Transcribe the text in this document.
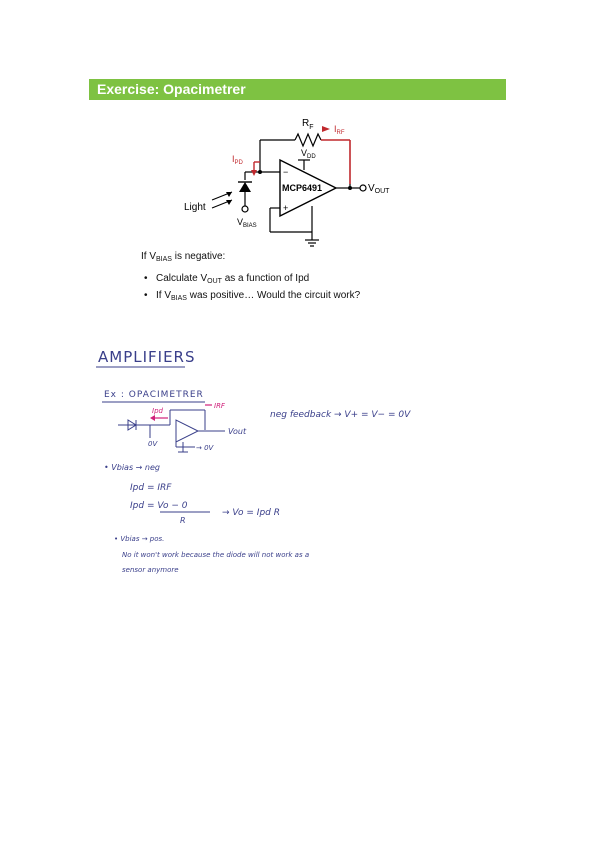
Exercise: Opacimetrer
$R_F$ $I_{RF}$
MCP6491
−
+
$V_{DD}$
$V_{OUT}$
$V_{BIAS}$
$I_{PD}$
Light
If $V_{BIAS}$ is negative:
• Calculate $V_{OUT}$ as a function of Ipd
• If $V_{BIAS}$ was positive… Would the circuit work?
AMPLIFIERS
Ex : OPACIMETRER
neg feedback → V+ = V− = 0V
Ipd
IRF
0V	→ 0V
Vout
• Vbias → neg
Ipd = IRF
Ipd = Vo − 0
R
→ Vo = Ipd R
• Vbias → pos.
No it won't work because the diode will not work as a
sensor anymore
